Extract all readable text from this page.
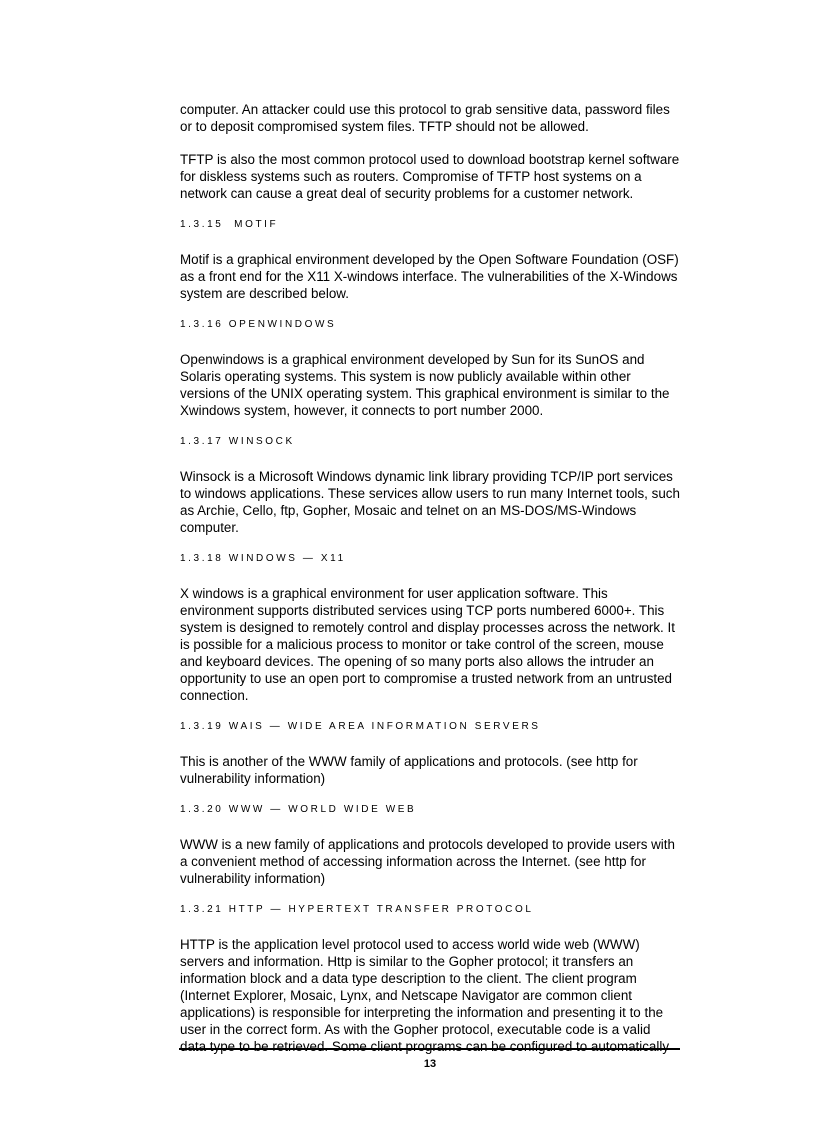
computer. An attacker could use this protocol to grab sensitive data, password files or to deposit compromised system files. TFTP should not be allowed.

TFTP is also the most common protocol used to download bootstrap kernel software for diskless systems such as routers. Compromise of TFTP host systems on a network can cause a great deal of security problems for a customer network.

1.3.15  MOTIF

Motif is a graphical environment developed by the Open Software Foundation (OSF) as a front end for the X11 X-windows interface. The vulnerabilities of the X-Windows system are described below.

1.3.16 OPENWINDOWS

Openwindows is a graphical environment developed by Sun for its SunOS and Solaris operating systems. This system is now publicly available within other versions of the UNIX operating system. This graphical environment is similar to the Xwindows system, however, it connects to port number 2000.

1.3.17 WINSOCK

Winsock is a Microsoft Windows dynamic link library providing TCP/IP port services to windows applications. These services allow users to run many Internet tools, such as Archie, Cello, ftp, Gopher, Mosaic and telnet on an MS-DOS/MS-Windows computer.

1.3.18 WINDOWS — X11

X windows is a graphical environment for user application software. This environment supports distributed services using TCP ports numbered 6000+. This system is designed to remotely control and display processes across the network. It is possible for a malicious process to monitor or take control of the screen, mouse and keyboard devices. The opening of so many ports also allows the intruder an opportunity to use an open port to compromise a trusted network from an untrusted connection.

1.3.19 WAIS — WIDE AREA INFORMATION SERVERS

This is another of the WWW family of applications and protocols. (see http for vulnerability information)

1.3.20 WWW — WORLD WIDE WEB

WWW is a new family of applications and protocols developed to provide users with a convenient method of accessing information across the Internet. (see http for vulnerability information)

1.3.21 HTTP — HYPERTEXT TRANSFER PROTOCOL

HTTP is the application level protocol used to access world wide web (WWW) servers and information. Http is similar to the Gopher protocol; it transfers an information block and a data type description to the client. The client program (Internet Explorer, Mosaic, Lynx, and Netscape Navigator are common client applications) is responsible for interpreting the information and presenting it to the user in the correct form. As with the Gopher protocol, executable code is a valid data type to be retrieved. Some client programs can be configured to automatically

13
